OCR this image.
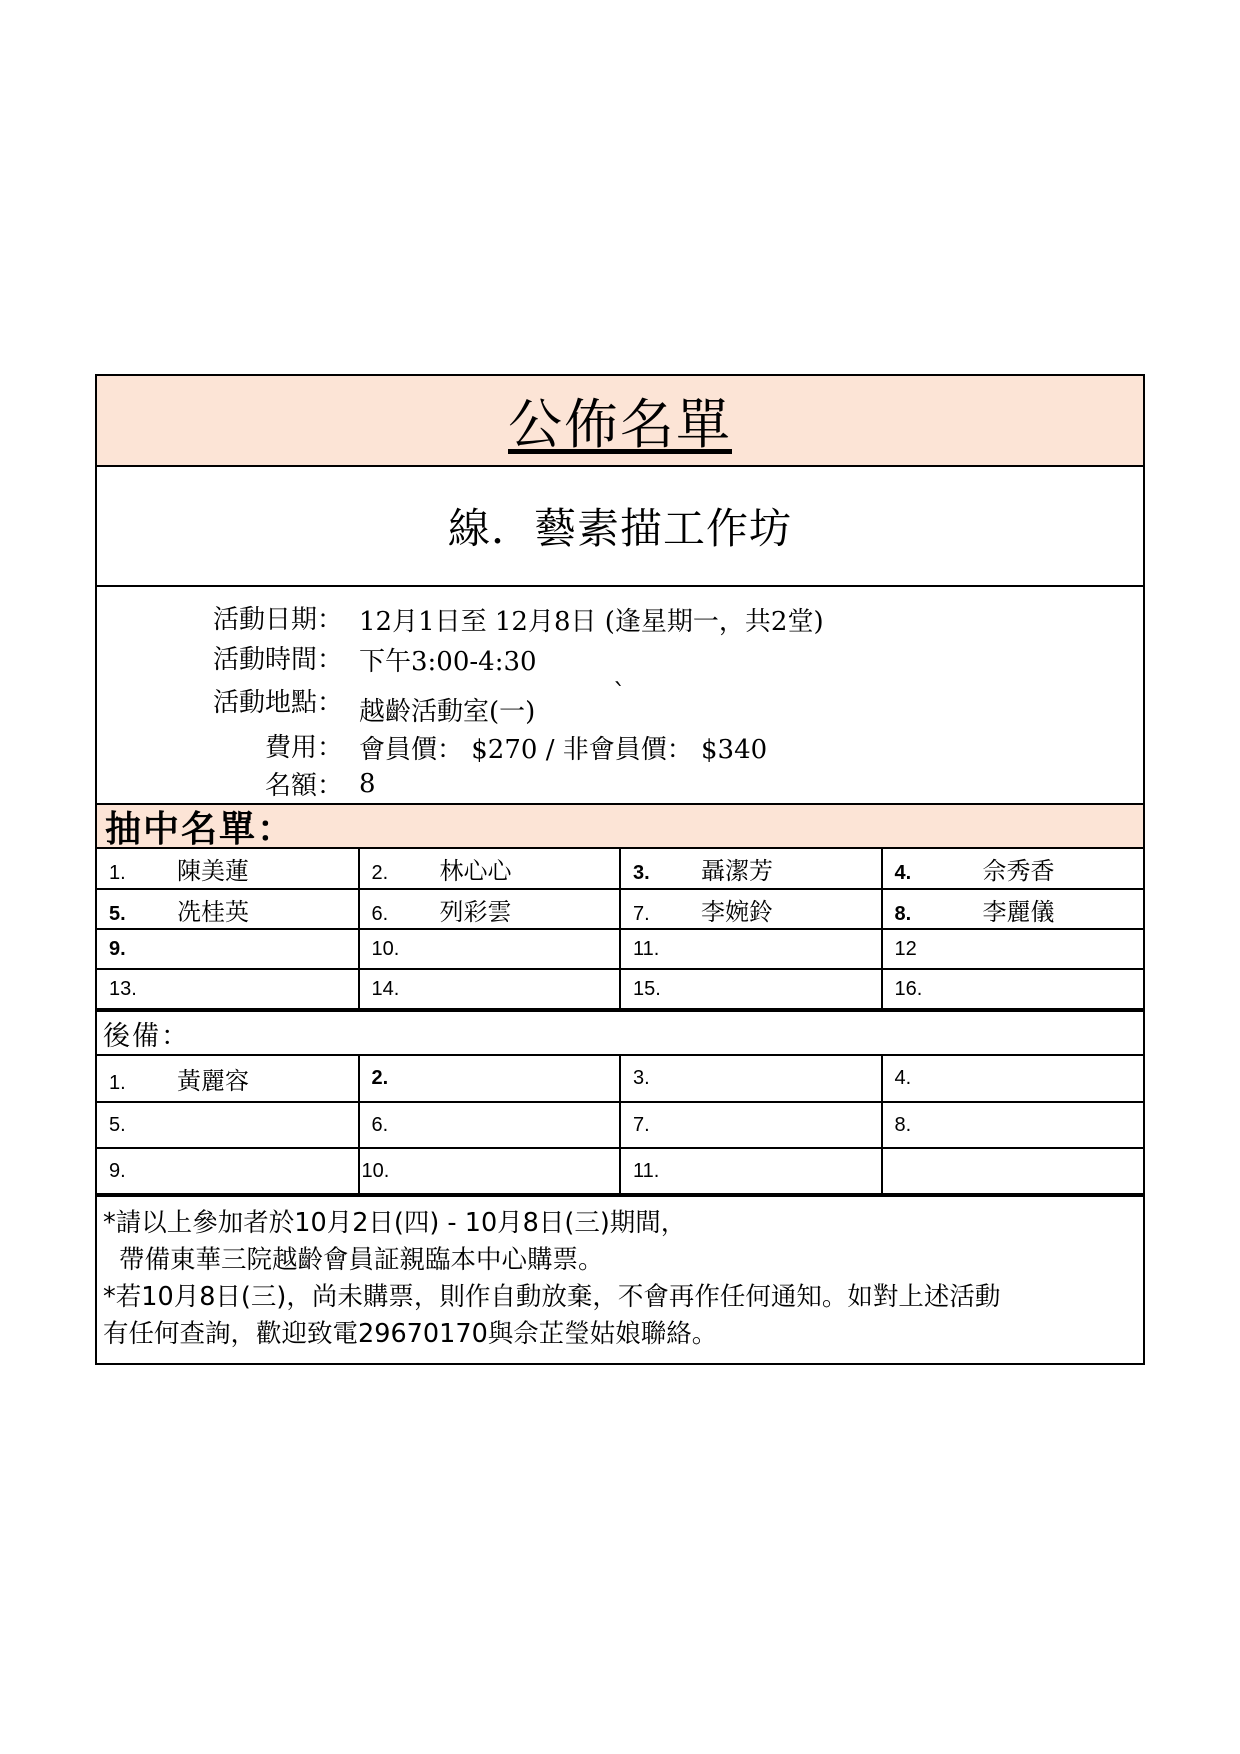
公佈名單
線．藝素描工作坊
活動日期： 12月1日至 12月8日 (逢星期一，共2堂)
活動時間： 下午3:00-4:30
活動地點： 越齡活動室(一)
ˋ
費用： 會員價： $270 / 非會員價： $340
名額： 8
抽中名單：
1. 陳美蓮	2. 林心心	3. 聶潔芳	4. 佘秀香
5. 冼桂英	6. 列彩雲	7. 李婉鈴	8. 李麗儀
9.	10.	11.	12
13.	14.	15.	16.
後備：
1. 黃麗容	2.	3.	4.
5.	6.	7.	8.
9.	10.	11.	
*請以上參加者於10月2日(四) - 10月8日(三)期間，
帶備東華三院越齡會員証親臨本中心購票。
*若10月8日(三)，尚未購票，則作自動放棄，不會再作任何通知。如對上述活動
有任何查詢，歡迎致電29670170與佘芷瑩姑娘聯絡。
